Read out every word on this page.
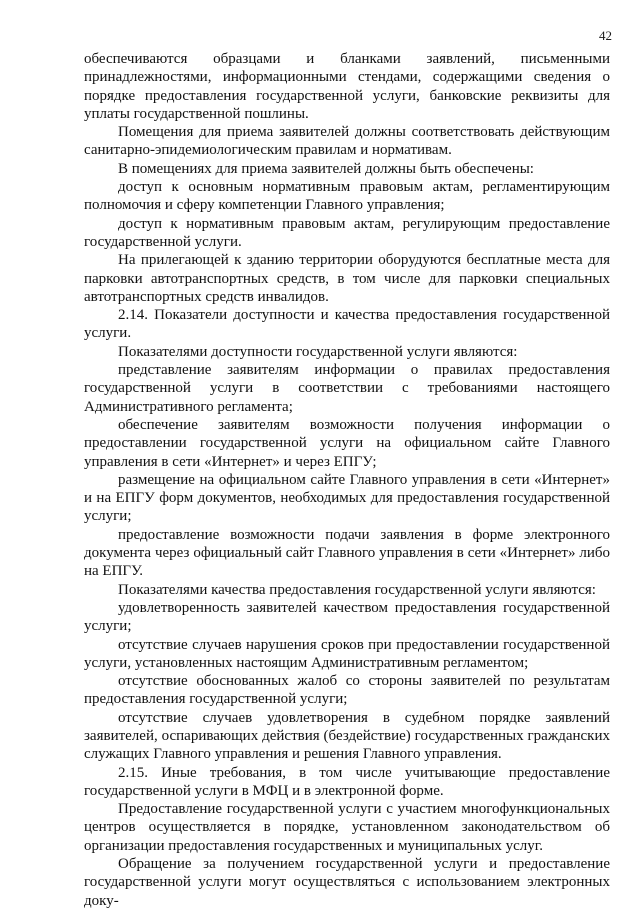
42

обеспечиваются образцами и бланками заявлений, письменными принадлежностями, информационными стендами, содержащими сведения о порядке предоставления государственной услуги, банковские реквизиты для уплаты государственной пошлины.

Помещения для приема заявителей должны соответствовать действующим санитарно-эпидемиологическим правилам и нормативам.

В помещениях для приема заявителей должны быть обеспечены:

доступ к основным нормативным правовым актам, регламентирующим полномочия и сферу компетенции Главного управления;

доступ к нормативным правовым актам, регулирующим предоставление государственной услуги.

На прилегающей к зданию территории оборудуются бесплатные места для парковки автотранспортных средств, в том числе для парковки специальных автотранспортных средств инвалидов.

2.14. Показатели доступности и качества предоставления государственной услуги.

Показателями доступности государственной услуги являются:

представление заявителям информации о правилах предоставления государственной услуги в соответствии с требованиями настоящего Административного регламента;

обеспечение заявителям возможности получения информации о предоставлении государственной услуги на официальном сайте Главного управления в сети «Интернет» и через ЕПГУ;

размещение на официальном сайте Главного управления в сети «Интернет» и на ЕПГУ форм документов, необходимых для предоставления государственной услуги;

предоставление возможности подачи заявления в форме электронного документа через официальный сайт Главного управления в сети «Интернет» либо на ЕПГУ.

Показателями качества предоставления государственной услуги являются:

удовлетворенность заявителей качеством предоставления государственной услуги;

отсутствие случаев нарушения сроков при предоставлении государственной услуги, установленных настоящим Административным регламентом;

отсутствие обоснованных жалоб со стороны заявителей по результатам предоставления государственной услуги;

отсутствие случаев удовлетворения в судебном порядке заявлений заявителей, оспаривающих действия (бездействие) государственных гражданских служащих Главного управления и решения Главного управления.

2.15. Иные требования, в том числе учитывающие предоставление государственной услуги в МФЦ и в электронной форме.

Предоставление государственной услуги с участием многофункциональных центров осуществляется в порядке, установленном законодательством об организации предоставления государственных и муниципальных услуг.

Обращение за получением государственной услуги и предоставление государственной услуги могут осуществляться с использованием электронных доку-
